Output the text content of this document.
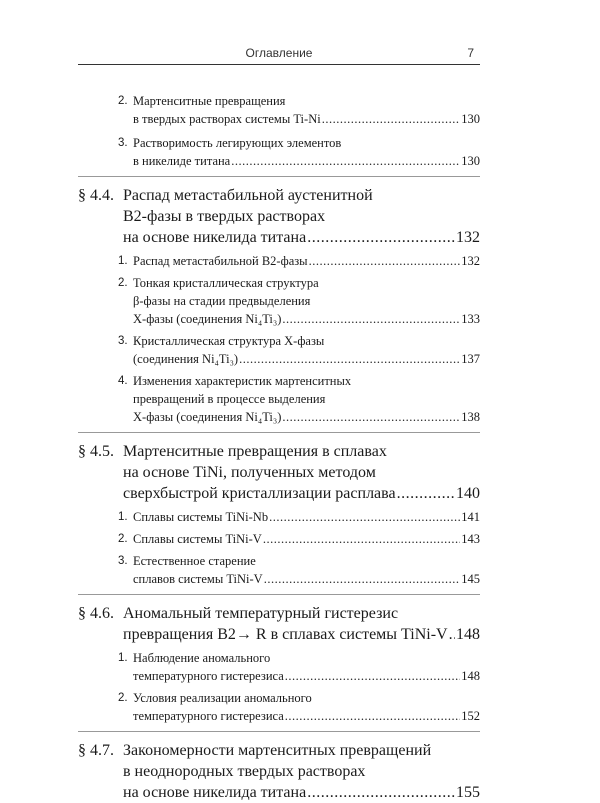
Оглавление	7
2. Мартенситные превращения
в твердых растворах системы Ti-Ni .....	130
3. Растворимость легирующих элементов
в никелиде титана .....	130
§ 4.4. Распад метастабильной аустенитной
B2-фазы в твердых растворах
на основе никелида титана .....	132
1. Распад метастабильной B2-фазы .....	132
2. Тонкая кристаллическая структура
β-фазы на стадии предвыделения
X-фазы (соединения Ni₄Ti₃) .....	133
3. Кристаллическая структура X-фазы
(соединения Ni₄Ti₃) .....	137
4. Изменения характеристик мартенситных
превращений в процессе выделения
X-фазы (соединения Ni₄Ti₃) .....	138
§ 4.5. Мартенситные превращения в сплавах
на основе TiNi, полученных методом
сверхбыстрой кристаллизации расплава .....	140
1. Сплавы системы TiNi-Nb .....	141
2. Сплавы системы TiNi-V .....	143
3. Естественное старение
сплавов системы TiNi-V .....	145
§ 4.6. Аномальный температурный гистерезис
превращения B2→ R в сплавах системы TiNi-V ..... 148
1. Наблюдение аномального
температурного гистерезиса .....	148
2. Условия реализации аномального
температурного гистерезиса .....	152
§ 4.7. Закономерности мартенситных превращений
в неоднородных твердых растворах
на основе никелида титана .....	155
